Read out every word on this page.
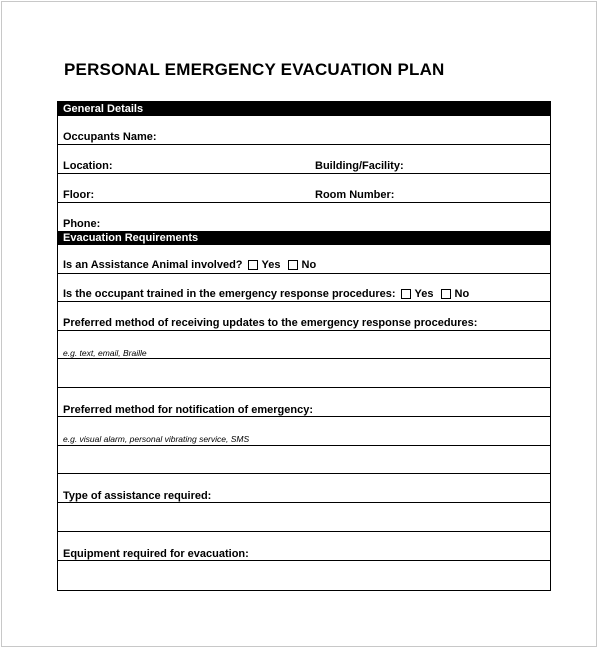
PERSONAL EMERGENCY EVACUATION PLAN
General Details
Occupants Name:
Location:	Building/Facility:
Floor:	Room Number:
Phone:
Evacuation Requirements
Is an Assistance Animal involved? Yes No
Is the occupant trained in the emergency response procedures: Yes No
Preferred method of receiving updates to the emergency response procedures:
e.g. text, email, Braille
Preferred method for notification of emergency:
e.g. visual alarm, personal vibrating service, SMS
Type of assistance required:
Equipment required for evacuation:
